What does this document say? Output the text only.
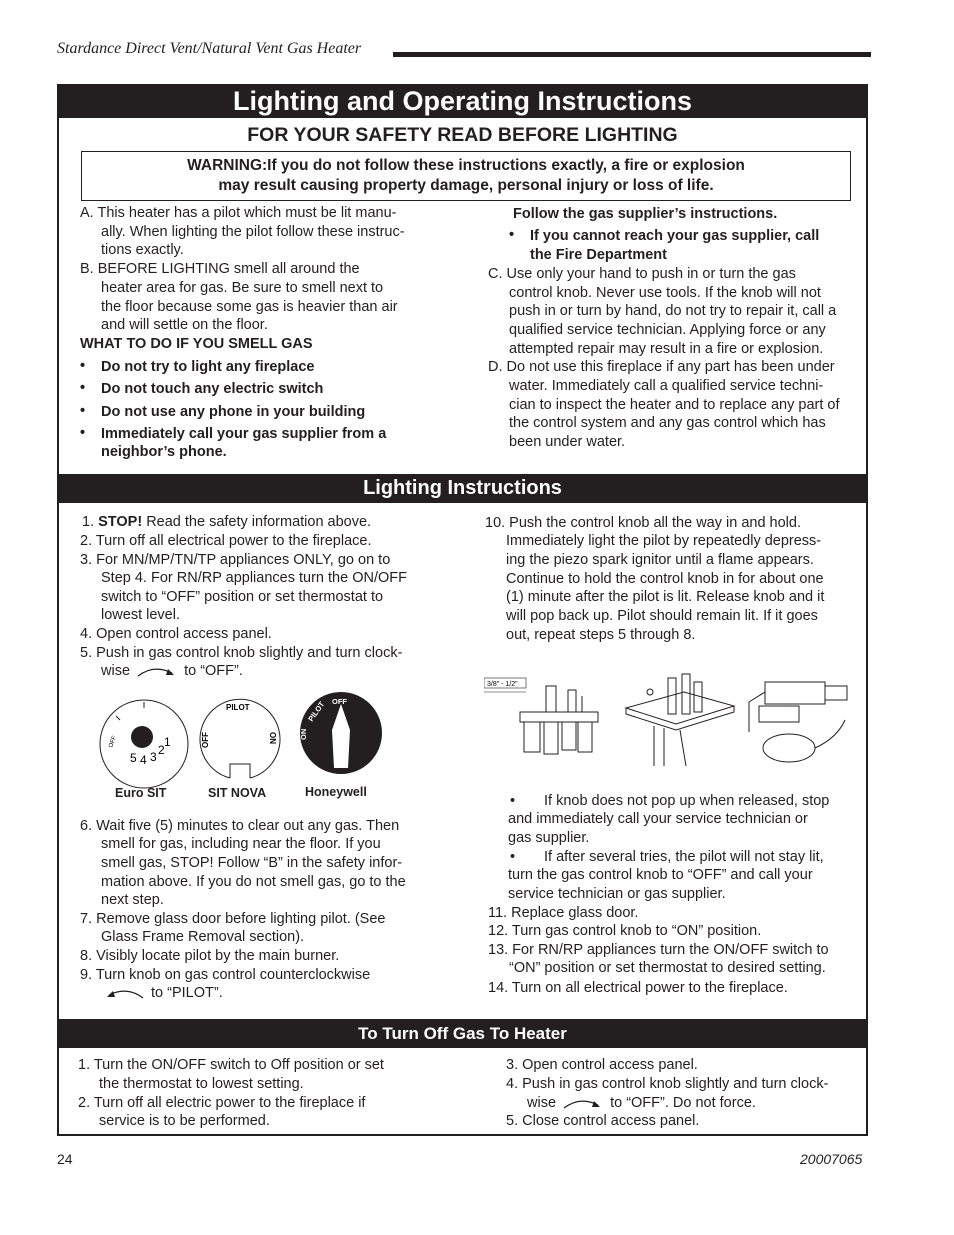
Stardance Direct Vent/Natural Vent Gas Heater
Lighting and Operating Instructions
FOR YOUR SAFETY READ BEFORE LIGHTING
WARNING:If you do not follow these instructions exactly, a fire or explosion
may result causing property damage, personal injury or loss of life.
A. This heater has a pilot which must be lit manu-
ally. When lighting the pilot follow these instruc-
tions exactly.
B. BEFORE LIGHTING smell all around the
heater area for gas. Be sure to smell next to
the floor because some gas is heavier than air
and will settle on the floor.
WHAT TO DO IF YOU SMELL GAS
• Do not try to light any fireplace
• Do not touch any electric switch
• Do not use any phone in your building
• Immediately call your gas supplier from a
neighbor’s phone.
Follow the gas supplier’s instructions.
• If you cannot reach your gas supplier, call
the Fire Department
C. Use only your hand to push in or turn the gas
control knob. Never use tools. If the knob will not
push in or turn by hand, do not try to repair it, call a
qualified service technician. Applying force or any
attempted repair may result in a fire or explosion.
D. Do not use this fireplace if any part has been under
water. Immediately call a qualified service techni-
cian to inspect the heater and to replace any part of
the control system and any gas control which has
been under water.
Lighting Instructions
1. STOP! Read the safety information above.
2. Turn off all electrical power to the fireplace.
3. For MN/MP/TN/TP appliances ONLY, go on to
Step 4. For RN/RP appliances turn the ON/OFF
switch to “OFF” position or set thermostat to
lowest level.
4. Open control access panel.
5. Push in gas control knob slightly and turn clock-
wise	to “OFF”.
OFF	1
2
3
4
5
Euro SIT
PILOT
OFF	ON
SIT NOVA
OFF
PILOT
ON
Honeywell
6. Wait five (5) minutes to clear out any gas. Then
smell for gas, including near the floor. If you
smell gas, STOP! Follow “B” in the safety infor-
mation above. If you do not smell gas, go to the
next step.
7. Remove glass door before lighting pilot. (See
Glass Frame Removal section).
8. Visibly locate pilot by the main burner.
9. Turn knob on gas control counterclockwise
to “PILOT”.
10. Push the control knob all the way in and hold.
Immediately light the pilot by repeatedly depress-
ing the piezo spark ignitor until a flame appears.
Continue to hold the control knob in for about one
(1) minute after the pilot is lit. Release knob and it
will pop back up. Pilot should remain lit. If it goes
out, repeat steps 5 through 8.
3/8" - 1/2"
• If knob does not pop up when released, stop
and immediately call your service technician or
gas supplier.
• If after several tries, the pilot will not stay lit,
turn the gas control knob to “OFF” and call your
service technician or gas supplier.
11. Replace glass door.
12. Turn gas control knob to “ON” position.
13. For RN/RP appliances turn the ON/OFF switch to
“ON” position or set thermostat to desired setting.
14. Turn on all electrical power to the fireplace.
To Turn Off Gas To Heater
1. Turn the ON/OFF switch to Off position or set
the thermostat to lowest setting.
2. Turn off all electric power to the fireplace if
service is to be performed.
3. Open control access panel.
4. Push in gas control knob slightly and turn clock-
wise	to “OFF”. Do not force.
5. Close control access panel.
24	20007065
